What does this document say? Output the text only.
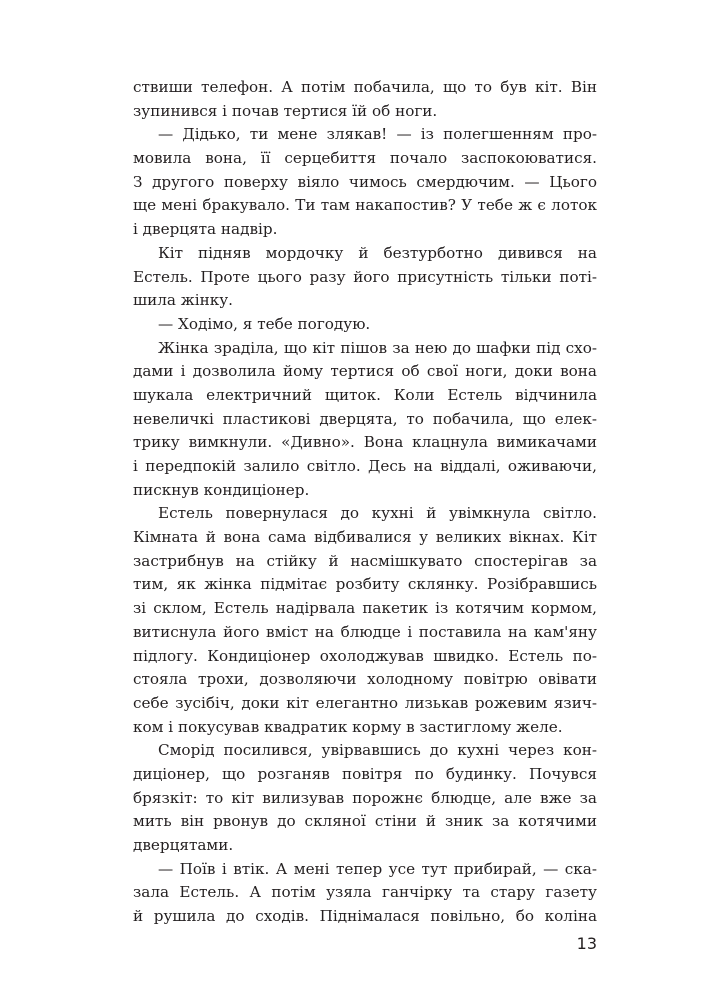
ствиши телефон. А потім побачила, що то був кіт. Він
зупинився і почав тертися їй об ноги.
— Дідько, ти мене злякав! — із полегшенням про-
мовила вона, її серцебиття почало заспокоюватися.
З другого поверху віяло чимось смердючим. — Цього
ще мені бракувало. Ти там накапостив? У тебе ж є лоток
і дверцята надвір.
Кіт підняв мордочку й безтурботно дивився на
Естель. Проте цього разу його присутність тільки поті-
шила жінку.
— Ходімо, я тебе погодую.
Жінка зраділа, що кіт пішов за нею до шафки під схо-
дами і дозволила йому тертися об свої ноги, доки вона
шукала електричний щиток. Коли Естель відчинила
невеличкі пластикові дверцята, то побачила, що елек-
трику вимкнули. «Дивно». Вона клацнула вимикачами
і передпокій залило світло. Десь на віддалі, оживаючи,
пискнув кондиціонер.
Естель повернулася до кухні й увімкнула світло.
Кімната й вона сама відбивалися у великих вікнах. Кіт
застрибнув на стійку й насмішкувато спостерігав за
тим, як жінка підмітає розбиту склянку. Розібравшись
зі склом, Естель надірвала пакетик із котячим кормом,
витиснула його вміст на блюдце і поставила на кам'яну
підлогу. Кондиціонер охолоджував швидко. Естель по-
стояла трохи, дозволяючи холодному повітрю овівати
себе зусібіч, доки кіт елегантно лизькав рожевим язич-
ком і покусував квадратик корму в застиглому желе.
Сморід посилився, увірвавшись до кухні через кон-
диціонер, що розганяв повітря по будинку. Почувся
брязкіт: то кіт вилизував порожнє блюдце, але вже за
мить він рвонув до скляної стіни й зник за котячими
дверцятами.
— Поїв і втік. А мені тепер усе тут прибирай, — ска-
зала Естель. А потім узяла ганчірку та стару газету
й рушила до сходів. Піднімалася повільно, бо коліна
13
